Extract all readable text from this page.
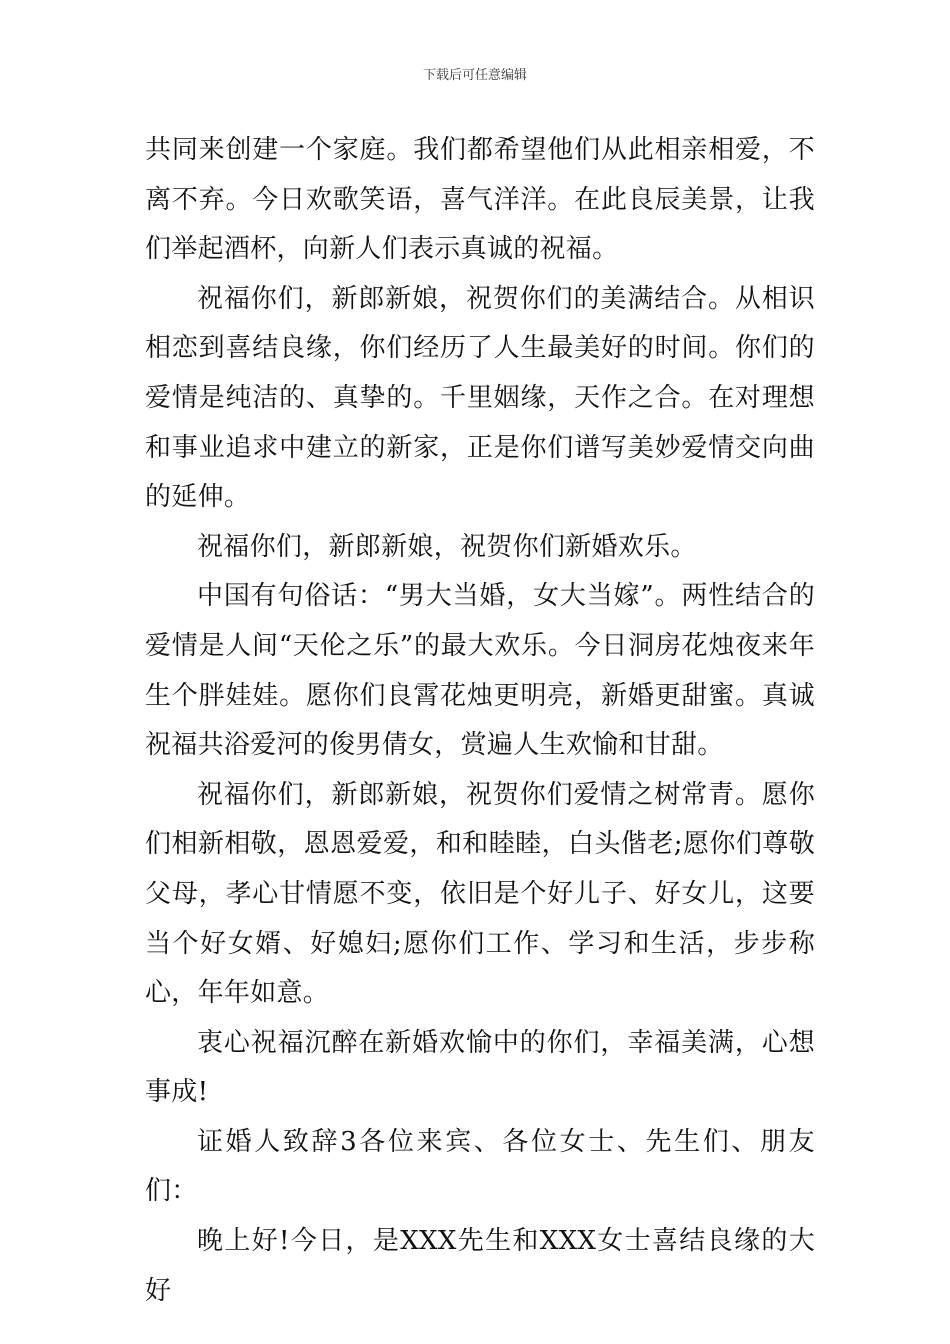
下载后可任意编辑

共同来创建一个家庭。我们都希望他们从此相亲相爱，不离不弃。今日欢歌笑语，喜气洋洋。在此良辰美景，让我们举起酒杯，向新人们表示真诚的祝福。

祝福你们，新郎新娘，祝贺你们的美满结合。从相识相恋到喜结良缘，你们经历了人生最美好的时间。你们的爱情是纯洁的、真挚的。千里姻缘，天作之合。在对理想和事业追求中建立的新家，正是你们谱写美妙爱情交向曲的延伸。

祝福你们，新郎新娘，祝贺你们新婚欢乐。

中国有句俗话：“男大当婚，女大当嫁”。两性结合的爱情是人间“天伦之乐”的最大欢乐。今日洞房花烛夜来年生个胖娃娃。愿你们良霄花烛更明亮，新婚更甜蜜。真诚祝福共浴爱河的俊男倩女，赏遍人生欢愉和甘甜。

祝福你们，新郎新娘，祝贺你们爱情之树常青。愿你们相新相敬，恩恩爱爱，和和睦睦，白头偕老;愿你们尊敬父母，孝心甘情愿不变，依旧是个好儿子、好女儿，这要当个好女婿、好媳妇;愿你们工作、学习和生活，步步称心，年年如意。

衷心祝福沉醉在新婚欢愉中的你们，幸福美满，心想事成!

证婚人致辞3各位来宾、各位女士、先生们、朋友们：

晚上好!今日，是XXX先生和XXX女士喜结良缘的大好
